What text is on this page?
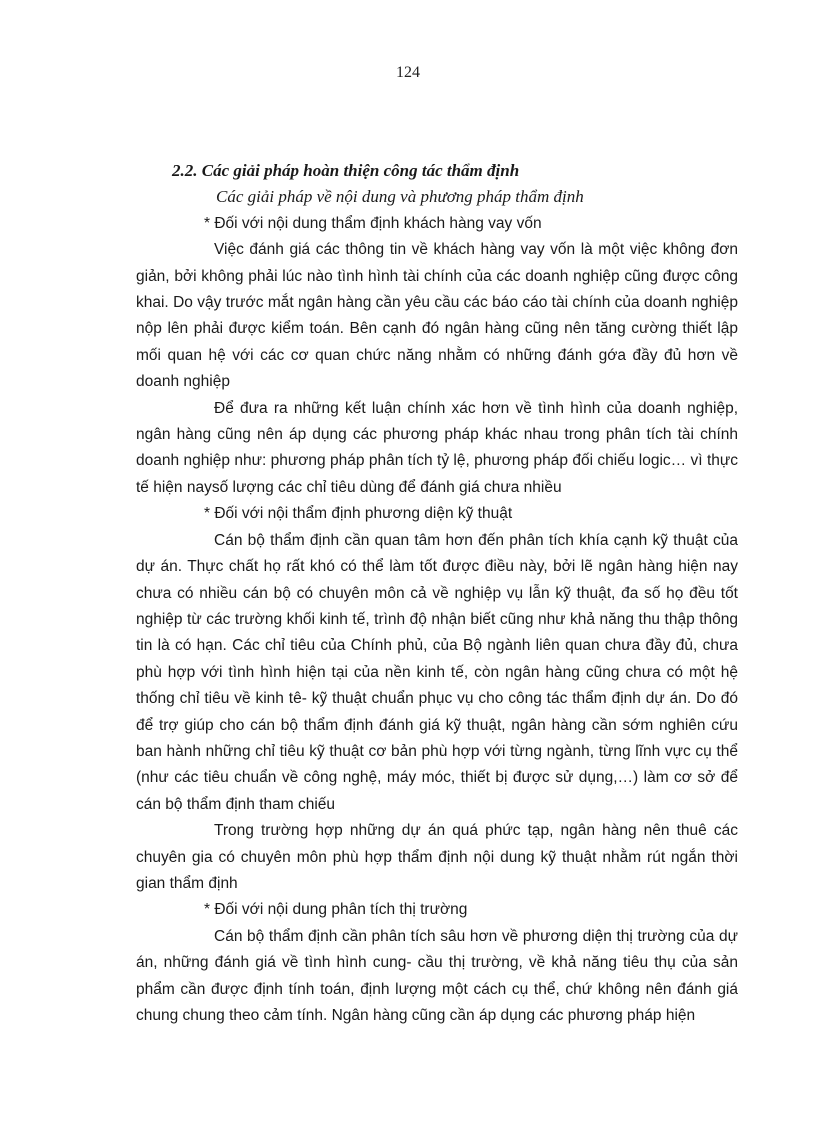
124

2.2. Các giải pháp hoàn thiện công tác thẩm định

Các giải pháp về nội dung và phương pháp thẩm định

* Đối với nội dung thẩm định khách hàng vay vốn

Việc đánh giá các thông tin về khách hàng vay vốn là một việc không đơn giản, bởi không phải lúc nào tình hình tài chính của các doanh nghiệp cũng được công khai. Do vậy trước mắt ngân hàng cần yêu cầu các báo cáo tài chính của doanh nghiệp nộp lên phải được kiểm toán. Bên cạnh đó ngân hàng cũng nên tăng cường thiết lập mối quan hệ với các cơ quan chức năng nhằm có những đánh gớa đầy đủ hơn về doanh nghiệp

Để đưa ra những kết luận chính xác hơn về tình hình của doanh nghiệp, ngân hàng cũng nên áp dụng các phương pháp khác nhau trong phân tích tài chính doanh nghiệp như: phương pháp phân tích tỷ lệ, phương pháp đối chiếu logic… vì thực tế hiện naysố lượng các chỉ tiêu dùng để đánh giá chưa nhiều

* Đối với nội thẩm định phương diện kỹ thuật

Cán bộ thẩm định cần quan tâm hơn đến phân tích khía cạnh kỹ thuật của dự án. Thực chất họ rất khó có thể làm tốt được điều này, bởi lẽ ngân hàng hiện nay chưa có nhiều cán bộ có chuyên môn cả về nghiệp vụ lẫn kỹ thuật, đa số họ đều tốt nghiệp từ các trường khối kinh tế, trình độ nhận biết cũng như khả năng thu thập thông tin là có hạn. Các chỉ tiêu của Chính phủ, của Bộ ngành liên quan chưa đầy đủ, chưa phù hợp với tình hình hiện tại của nền kinh tế, còn ngân hàng cũng chưa có một hệ thống chỉ tiêu về kinh tê- kỹ thuật chuẩn phục vụ cho công tác thẩm định dự án. Do đó để trợ giúp cho cán bộ thẩm định đánh giá kỹ thuật, ngân hàng cần sớm nghiên cứu ban hành những chỉ tiêu kỹ thuật cơ bản phù hợp với từng ngành, từng lĩnh vực cụ thể (như các tiêu chuẩn về công nghệ, máy móc, thiết bị được sử dụng,…) làm cơ sở để cán bộ thẩm định tham chiếu

Trong trường hợp những dự án quá phức tạp, ngân hàng nên thuê các chuyên gia có chuyên môn phù hợp thẩm định nội dung kỹ thuật nhằm rút ngắn thời gian thẩm định

* Đối với nội dung phân tích thị trường

Cán bộ thẩm định cần phân tích sâu hơn về phương diện thị trường của dự án, những đánh giá về tình hình cung- cầu thị trường, về khả năng tiêu thụ của sản phẩm cần được định tính toán, định lượng một cách cụ thể, chứ không nên đánh giá chung chung theo cảm tính. Ngân hàng cũng cần áp dụng các phương pháp hiện
